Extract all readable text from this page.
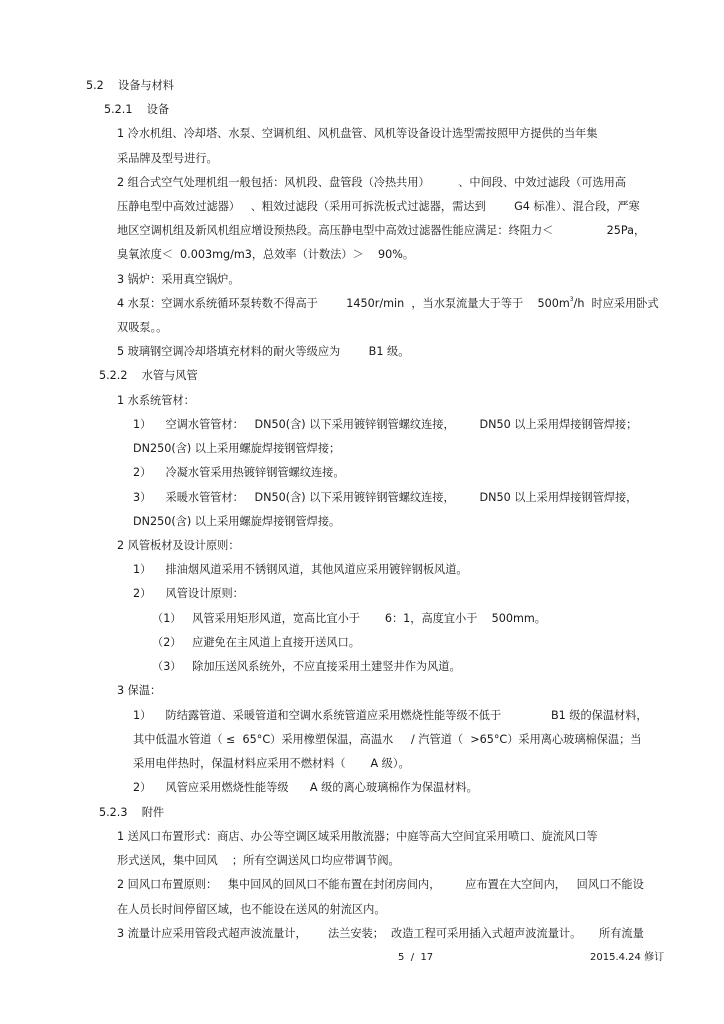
5.2    设备与材料
5.2.1    设备
1 冷水机组、冷却塔、水泵、空调机组、风机盘管、风机等设备设计选型需按照甲方提供的当年集
采品牌及型号进行。
2 组合式空气处理机组一般包括：风机段、盘管段（冷热共用）        、中间段、中效过滤段（可选用高
压静电型中高效过滤器）   、粗效过滤段（采用可拆洗板式过滤器，需达到        G4 标准）、混合段，严寒
地区空调机组及新风机组应增设预热段。高压静电型中高效过滤器性能应满足：终阻力＜               25Pa，
臭氧浓度＜  0.003mg/m3，总效率（计数法）＞    90%。
3 锅炉：采用真空锅炉。
4 水泵：空调水系统循环泵转数不得高于        1450r/min  ，当水泵流量大于等于    $500m^3/h$  时应采用卧式
双吸泵。。
5 玻璃钢空调冷却塔填充材料的耐火等级应为        B1 级。
5.2.2    水管与风管
1 水系统管材：
1）    空调水管管材：   DN50(含) 以下采用镀锌钢管螺纹连接，       DN50 以上采用焊接钢管焊接；
DN250(含) 以上采用螺旋焊接钢管焊接；
2）    冷凝水管采用热镀锌钢管螺纹连接。
3）    采暖水管管材：   DN50(含) 以下采用镀锌钢管螺纹连接，       DN50 以上采用焊接钢管焊接，
DN250(含) 以上采用螺旋焊接钢管焊接。
2 风管板材及设计原则：
1）    排油烟风道采用不锈钢风道，其他风道应采用镀锌钢板风道。
2）    风管设计原则：
（1）   风管采用矩形风道，宽高比宜小于       6：1，高度宜小于    500mm。
（2）   应避免在主风道上直接开送风口。
（3）   除加压送风系统外，不应直接采用土建竖井作为风道。
3 保温：
1）    防结露管道、采暖管道和空调水系统管道应采用燃烧性能等级不低于              B1 级的保温材料，
其中低温水管道（ ≤  65°C）采用橡塑保温，高温水     / 汽管道（  >65°C）采用离心玻璃棉保温；当
采用电伴热时，保温材料应采用不燃材料（       A 级）。
2）    风管应采用燃烧性能等级      A 级的离心玻璃棉作为保温材料。
5.2.3    附件
1 送风口布置形式：商店、办公等空调区域采用散流器；中庭等高大空间宜采用喷口、旋流风口等
形式送风，集中回风    ；所有空调送风口均应带调节阀。
2 回风口布置原则：   集中回风的回风口不能布置在封闭房间内，       应布置在大空间内，   回风口不能设
在人员长时间停留区域，也不能设在送风的射流区内。
3 流量计应采用管段式超声波流量计，      法兰安装；  改造工程可采用插入式超声波流量计。     所有流量
5  /  17	2015.4.24 修订
